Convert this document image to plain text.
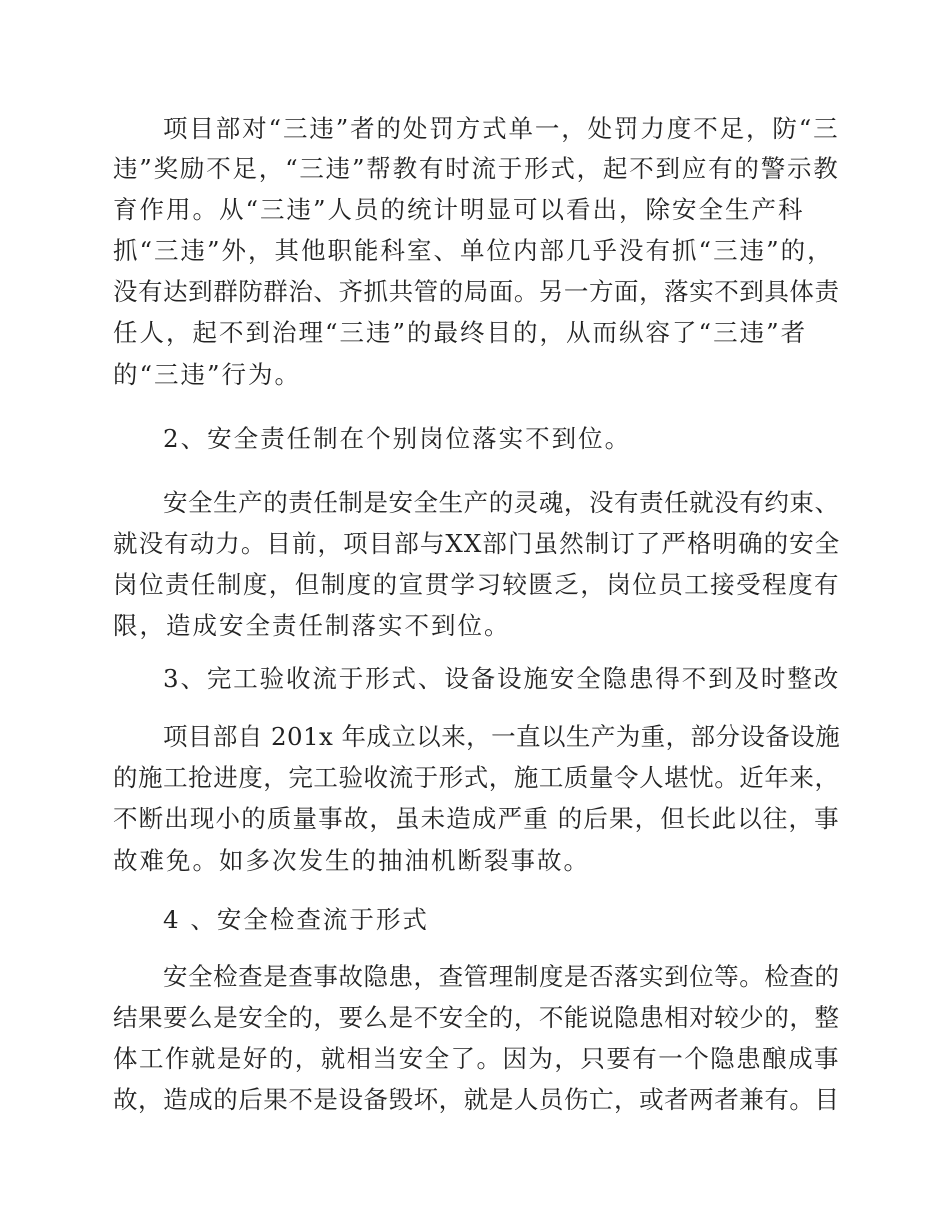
项目部对“三违”者的处罚方式单一，处罚力度不足，防“三
违”奖励不足，“三违”帮教有时流于形式，起不到应有的警示教
育作用。从“三违”人员的统计明显可以看出，除安全生产科
抓“三违”外，其他职能科室、单位内部几乎没有抓“三违”的，
没有达到群防群治、齐抓共管的局面。另一方面，落实不到具体责
任人，起不到治理“三违”的最终目的，从而纵容了“三违”者
的“三违”行为。
2、安全责任制在个别岗位落实不到位。
安全生产的责任制是安全生产的灵魂，没有责任就没有约束、
就没有动力。目前，项目部与XX部门虽然制订了严格明确的安全
岗位责任制度，但制度的宣贯学习较匮乏，岗位员工接受程度有
限，造成安全责任制落实不到位。
3、完工验收流于形式、设备设施安全隐患得不到及时整改
项目部自 201x 年成立以来，一直以生产为重，部分设备设施
的施工抢进度，完工验收流于形式，施工质量令人堪忧。近年来，
不断出现小的质量事故，虽未造成严重 的后果，但长此以往，事
故难免。如多次发生的抽油机断裂事故。
4 、安全检查流于形式
安全检查是查事故隐患，查管理制度是否落实到位等。检查的
结果要么是安全的，要么是不安全的，不能说隐患相对较少的，整
体工作就是好的，就相当安全了。因为，只要有一个隐患酿成事
故，造成的后果不是设备毁坏，就是人员伤亡，或者两者兼有。目
